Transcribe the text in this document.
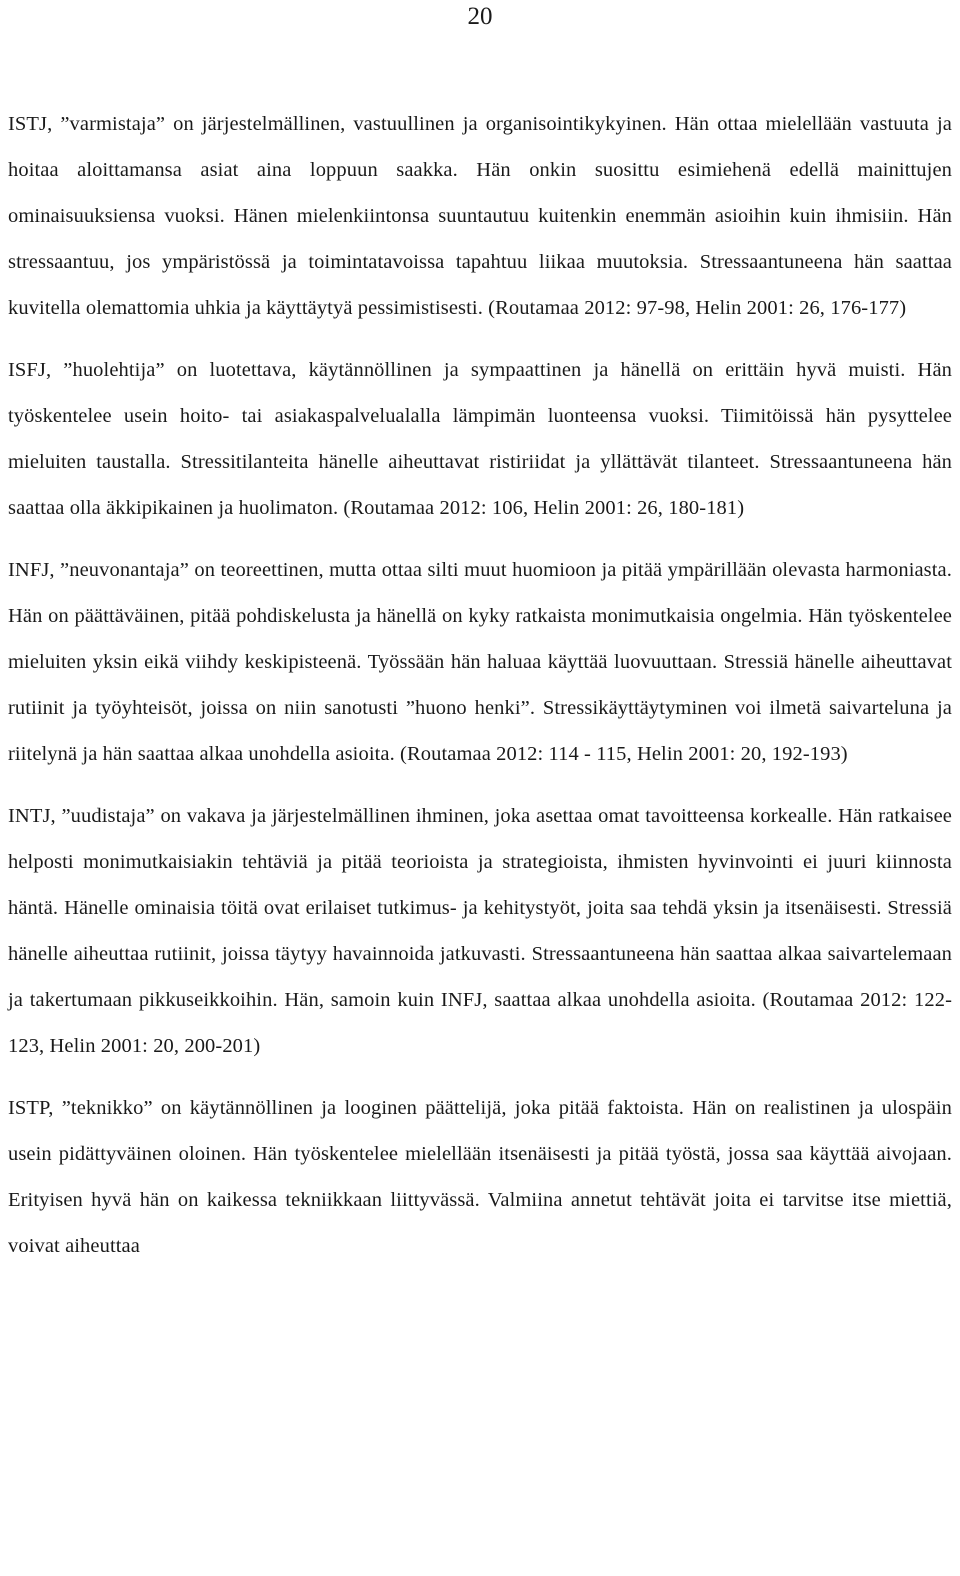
20

ISTJ, ”varmistaja” on järjestelmällinen, vastuullinen ja organisointikykyinen. Hän ottaa mielellään vastuuta ja hoitaa aloittamansa asiat aina loppuun saakka. Hän onkin suosittu esimiehenä edellä mainittujen ominaisuuksiensa vuoksi. Hänen mielenkiintonsa suuntautuu kuitenkin enemmän asioihin kuin ihmisiin. Hän stressaantuu, jos ympäristössä ja toimintatavoissa tapahtuu liikaa muutoksia. Stressaantuneena hän saattaa kuvitella olemattomia uhkia ja käyttäytyä pessimistisesti. (Routamaa 2012: 97-98, Helin 2001: 26, 176-177)

ISFJ, ”huolehtija” on luotettava, käytännöllinen ja sympaattinen ja hänellä on erittäin hyvä muisti. Hän työskentelee usein hoito- tai asiakaspalvelualalla lämpimän luonteensa vuoksi. Tiimitöissä hän pysyttelee mieluiten taustalla. Stressitilanteita hänelle aiheuttavat ristiriidat ja yllättävät tilanteet. Stressaantuneena hän saattaa olla äkkipikainen ja huolimaton. (Routamaa 2012: 106, Helin 2001: 26, 180-181)

INFJ, ”neuvonantaja” on teoreettinen, mutta ottaa silti muut huomioon ja pitää ympärillään olevasta harmoniasta. Hän on päättäväinen, pitää pohdiskelusta ja hänellä on kyky ratkaista monimutkaisia ongelmia. Hän työskentelee mieluiten yksin eikä viihdy keskipisteenä. Työssään hän haluaa käyttää luovuuttaan. Stressiä hänelle aiheuttavat rutiinit ja työyhteisöt, joissa on niin sanotusti ”huono henki”. Stressikäyttäytyminen voi ilmetä saivarteluna ja riitelynä ja hän saattaa alkaa unohdella asioita. (Routamaa 2012: 114 - 115, Helin 2001: 20, 192-193)

INTJ, ”uudistaja” on vakava ja järjestelmällinen ihminen, joka asettaa omat tavoitteensa korkealle. Hän ratkaisee helposti monimutkaisiakin tehtäviä ja pitää teorioista ja strategioista, ihmisten hyvinvointi ei juuri kiinnosta häntä. Hänelle ominaisia töitä ovat erilaiset tutkimus- ja kehitystyöt, joita saa tehdä yksin ja itsenäisesti. Stressiä hänelle aiheuttaa rutiinit, joissa täytyy havainnoida jatkuvasti. Stressaantuneena hän saattaa alkaa saivartelemaan ja takertumaan pikkuseikkoihin. Hän, samoin kuin INFJ, saattaa alkaa unohdella asioita. (Routamaa 2012: 122-123, Helin 2001: 20, 200-201)

ISTP, ”teknikko” on käytännöllinen ja looginen päättelijä, joka pitää faktoista. Hän on realistinen ja ulospäin usein pidättyväinen oloinen. Hän työskentelee mielellään itsenäisesti ja pitää työstä, jossa saa käyttää aivojaan. Erityisen hyvä hän on kaikessa tekniikkaan liittyvässä. Valmiina annetut tehtävät joita ei tarvitse itse miettiä, voivat aiheuttaa
